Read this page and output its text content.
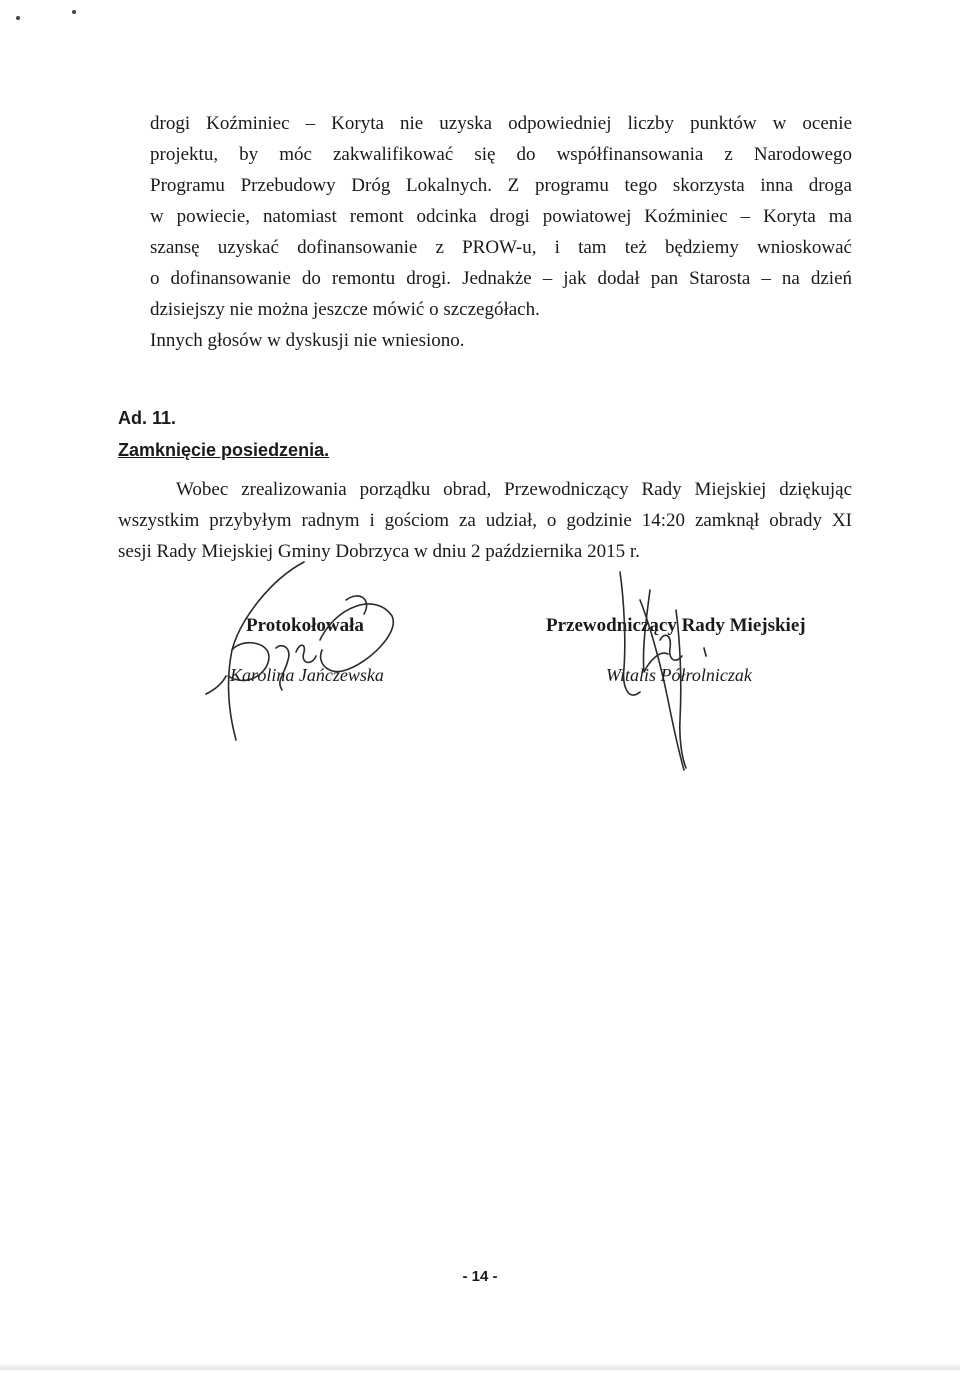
drogi Koźminiec – Koryta nie uzyska odpowiedniej liczby punktów w ocenie
projektu, by móc zakwalifikować się do współfinansowania z Narodowego
Programu Przebudowy Dróg Lokalnych. Z programu tego skorzysta inna droga
w powiecie, natomiast remont odcinka drogi powiatowej Koźminiec – Koryta ma
szansę uzyskać dofinansowanie z PROW-u, i tam też będziemy wnioskować
o dofinansowanie do remontu drogi. Jednakże – jak dodał pan Starosta – na dzień
dzisiejszy nie można jeszcze mówić o szczegółach.
Innych głosów w dyskusji nie wniesiono.

Ad. 11.

Zamknięcie posiedzenia.

Wobec zrealizowania porządku obrad, Przewodniczący Rady Miejskiej dziękując
wszystkim przybyłym radnym i gościom za udział, o godzinie 14:20 zamknął obrady XI
sesji Rady Miejskiej Gminy Dobrzyca w dniu 2 października 2015 r.

Protokołowała
Karolina Jańczewska
Przewodniczący Rady Miejskiej
Witalis Półrolniczak
- 14 -
